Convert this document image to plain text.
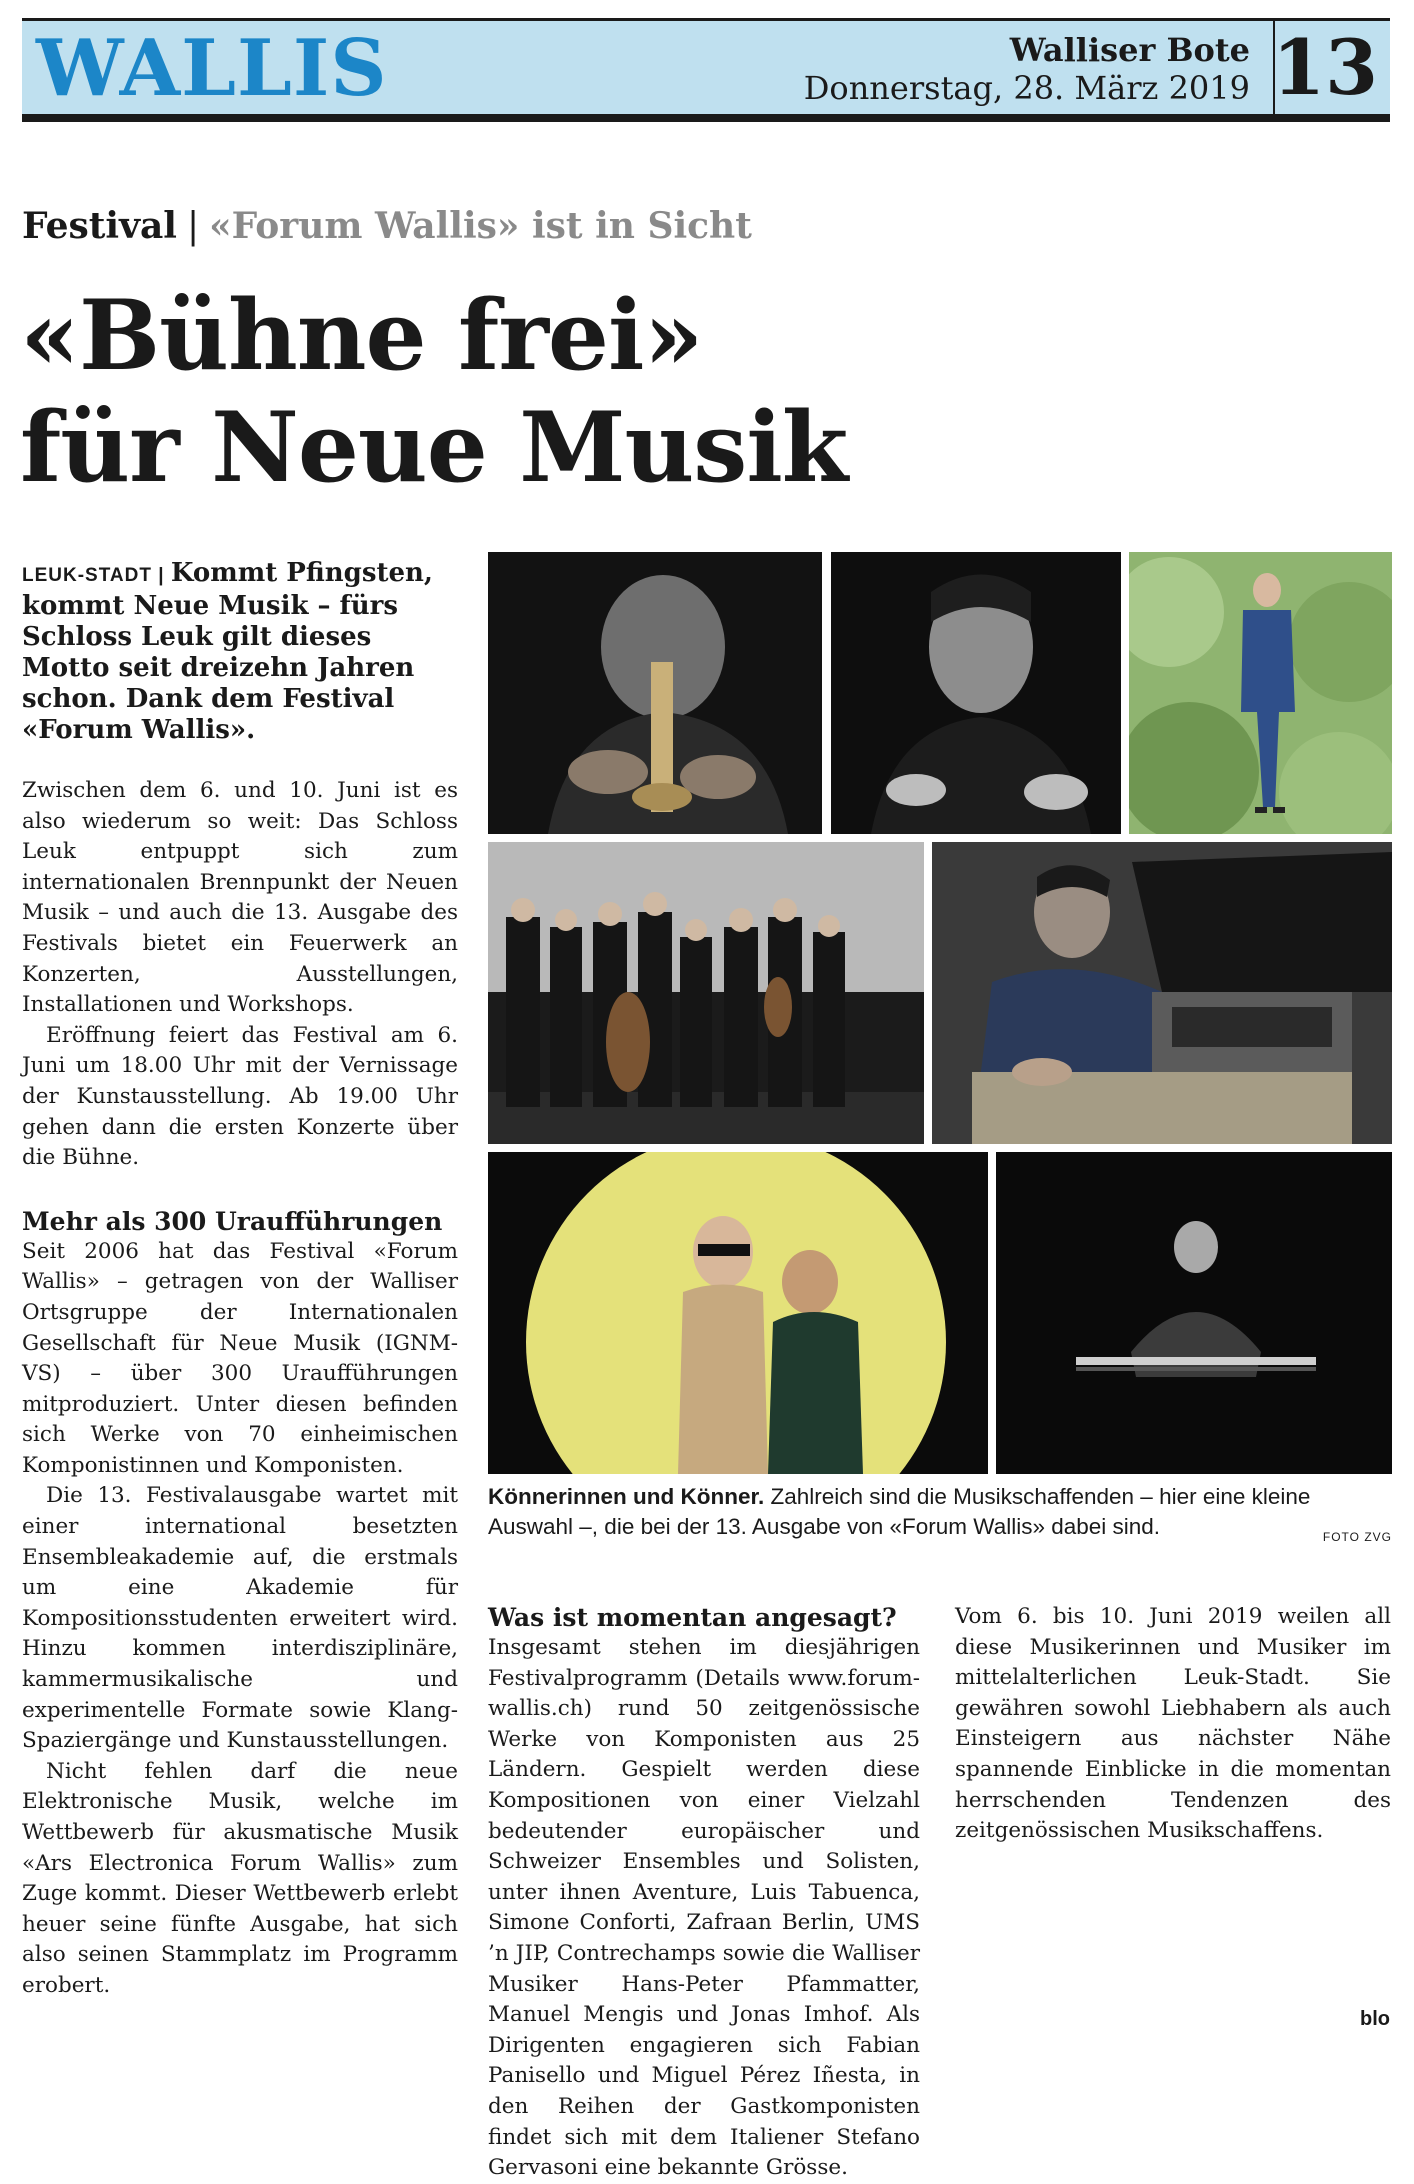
WALLIS	Walliser Bote
Donnerstag, 28. März 2019 13
Festival | «Forum Wallis» ist in Sicht
«Bühne frei»
für Neue Musik

LEUK-STADT | Kommt Pfingsten, kommt Neue Musik – fürs Schloss Leuk gilt dieses Motto seit dreizehn Jahren schon. Dank dem Festival «Forum Wallis».

Zwischen dem 6. und 10. Juni ist es also wiederum so weit: Das Schloss Leuk entpuppt sich zum internationalen Brennpunkt der Neuen Musik – und auch die 13. Ausgabe des Festivals bietet ein Feuerwerk an Konzerten, Ausstellungen, Installationen und Workshops.

Eröffnung feiert das Festival am 6. Juni um 18.00 Uhr mit der Vernissage der Kunstausstellung. Ab 19.00 Uhr gehen dann die ersten Konzerte über die Bühne.

Mehr als 300 Uraufführungen

Seit 2006 hat das Festival «Forum Wallis» – getragen von der Walliser Ortsgruppe der Internationalen Gesellschaft für Neue Musik (IGNM-VS) – über 300 Uraufführungen mitproduziert. Unter diesen befinden sich Werke von 70 einheimischen Komponistinnen und Komponisten.

Die 13. Festivalausgabe wartet mit einer international besetzten Ensembleakademie auf, die erstmals um eine Akademie für Kompositionsstudenten erweitert wird. Hinzu kommen interdisziplinäre, kammermusikalische und experimentelle Formate sowie Klang-Spaziergänge und Kunstausstellungen.

Nicht fehlen darf die neue Elektronische Musik, welche im Wettbewerb für akusmatische Musik «Ars Electronica Forum Wallis» zum Zuge kommt. Dieser Wettbewerb erlebt heuer seine fünfte Ausgabe, hat sich also seinen Stammplatz im Programm erobert.

Könnerinnen und Könner. Zahlreich sind die Musikschaffenden – hier eine kleine Auswahl –, die bei der 13. Ausgabe von «Forum Wallis» dabei sind.	FOTO ZVG

Was ist momentan angesagt?

Insgesamt stehen im diesjährigen Festivalprogramm (Details www.forum-wallis.ch) rund 50 zeitgenössische Werke von Komponisten aus 25 Ländern. Gespielt werden diese Kompositionen von einer Vielzahl bedeutender europäischer und Schweizer Ensembles und Solisten, unter ihnen Aventure, Luis Tabuenca, Simone Conforti, Zafraan Berlin, UMS ’n JIP, Contrechamps sowie die Walliser Musiker Hans-Peter Pfammatter, Manuel Mengis und Jonas Imhof. Als Dirigenten engagieren sich Fabian Panisello und Miguel Pérez Iñesta, in den Reihen der Gastkomponisten findet sich mit dem Italiener Stefano Gervasoni eine bekannte Grösse.

Vom 6. bis 10. Juni 2019 weilen all diese Musikerinnen und Musiker im mittelalterlichen Leuk-Stadt. Sie gewähren sowohl Liebhabern als auch Einsteigern aus nächster Nähe spannende Einblicke in die momentan herrschenden Tendenzen des zeitgenössischen Musikschaffens.

blo
